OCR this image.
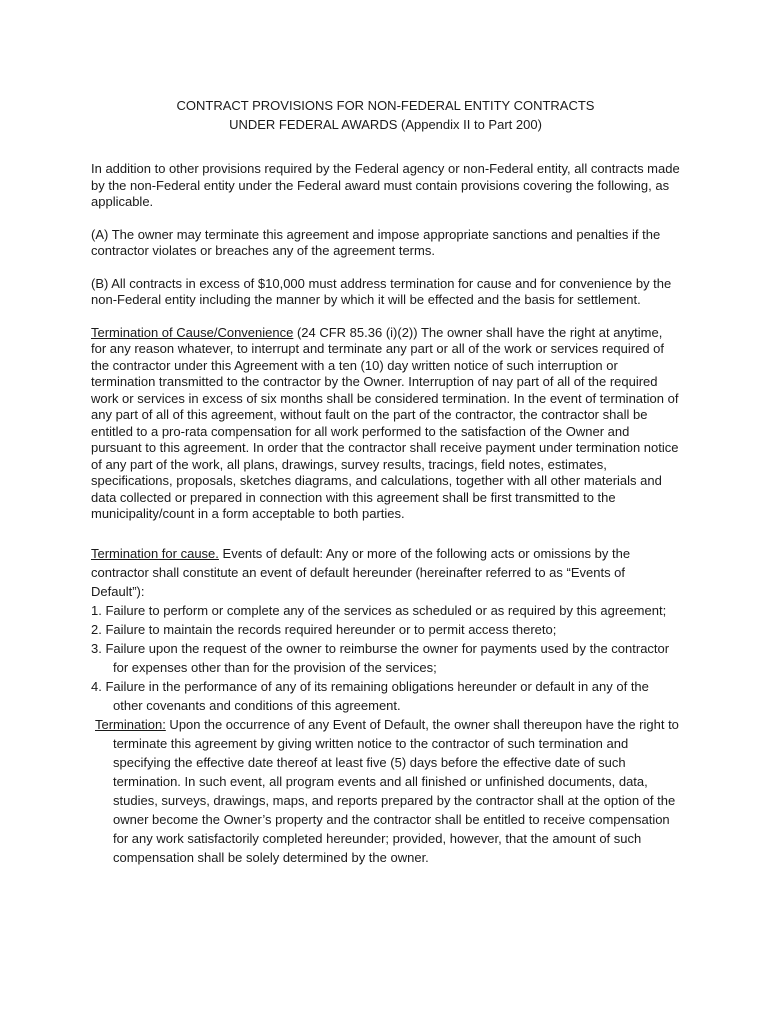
CONTRACT PROVISIONS FOR NON-FEDERAL ENTITY CONTRACTS
UNDER FEDERAL AWARDS (Appendix II to Part 200)

In addition to other provisions required by the Federal agency or non-Federal entity, all contracts made by the non-Federal entity under the Federal award must contain provisions covering the following, as applicable.

(A) The owner may terminate this agreement and impose appropriate sanctions and penalties if the contractor violates or breaches any of the agreement terms.

(B) All contracts in excess of $10,000 must address termination for cause and for convenience by the non-Federal entity including the manner by which it will be effected and the basis for settlement.

Termination of Cause/Convenience (24 CFR 85.36 (i)(2)) The owner shall have the right at anytime, for any reason whatever, to interrupt and terminate any part or all of the work or services required of the contractor under this Agreement with a ten (10) day written notice of such interruption or termination transmitted to the contractor by the Owner. Interruption of nay part of all of the required work or services in excess of six months shall be considered termination. In the event of termination of any part of all of this agreement, without fault on the part of the contractor, the contractor shall be entitled to a pro-rata compensation for all work performed to the satisfaction of the Owner and pursuant to this agreement. In order that the contractor shall receive payment under termination notice of any part of the work, all plans, drawings, survey results, tracings, field notes, estimates, specifications, proposals, sketches diagrams, and calculations, together with all other materials and data collected or prepared in connection with this agreement shall be first transmitted to the municipality/count in a form acceptable to both parties.

Termination for cause. Events of default: Any or more of the following acts or omissions by the contractor shall constitute an event of default hereunder (hereinafter referred to as “Events of Default”):

1. Failure to perform or complete any of the services as scheduled or as required by this agreement;
2. Failure to maintain the records required hereunder or to permit access thereto;
3. Failure upon the request of the owner to reimburse the owner for payments used by the contractor for expenses other than for the provision of the services;
4. Failure in the performance of any of its remaining obligations hereunder or default in any of the other covenants and conditions of this agreement.

Termination: Upon the occurrence of any Event of Default, the owner shall thereupon have the right to terminate this agreement by giving written notice to the contractor of such termination and specifying the effective date thereof at least five (5) days before the effective date of such termination. In such event, all program events and all finished or unfinished documents, data, studies, surveys, drawings, maps, and reports prepared by the contractor shall at the option of the owner become the Owner’s property and the contractor shall be entitled to receive compensation for any work satisfactorily completed hereunder; provided, however, that the amount of such compensation shall be solely determined by the owner.
